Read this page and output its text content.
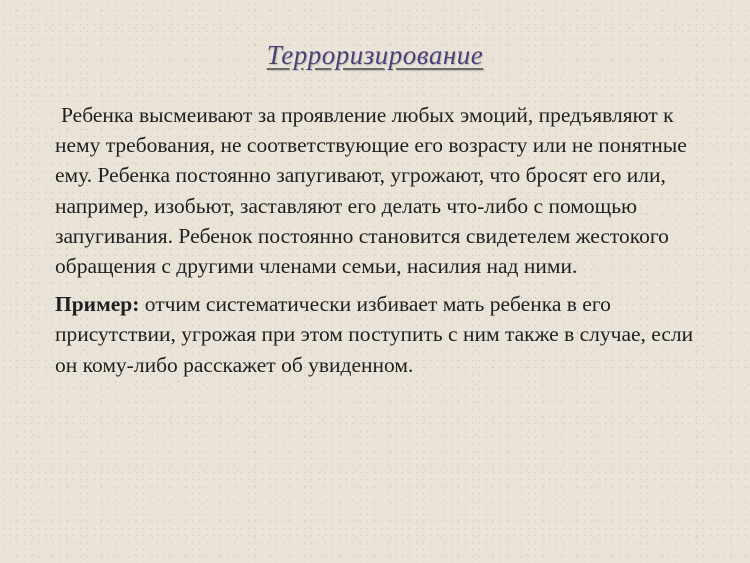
Терроризирование

Ребенка высмеивают за проявление любых эмоций, предъявляют к нему требования, не соответствующие его возрасту или не понятные ему. Ребенка постоянно запугивают, угрожают, что бросят его или, например, изобьют, заставляют его делать что-либо с помощью запугивания. Ребенок постоянно становится свидетелем жестокого обращения с другими членами семьи, насилия над ними.

Пример: отчим систематически избивает мать ребенка в его присутствии, угрожая при этом поступить с ним также в случае, если он кому-либо расскажет об увиденном.
